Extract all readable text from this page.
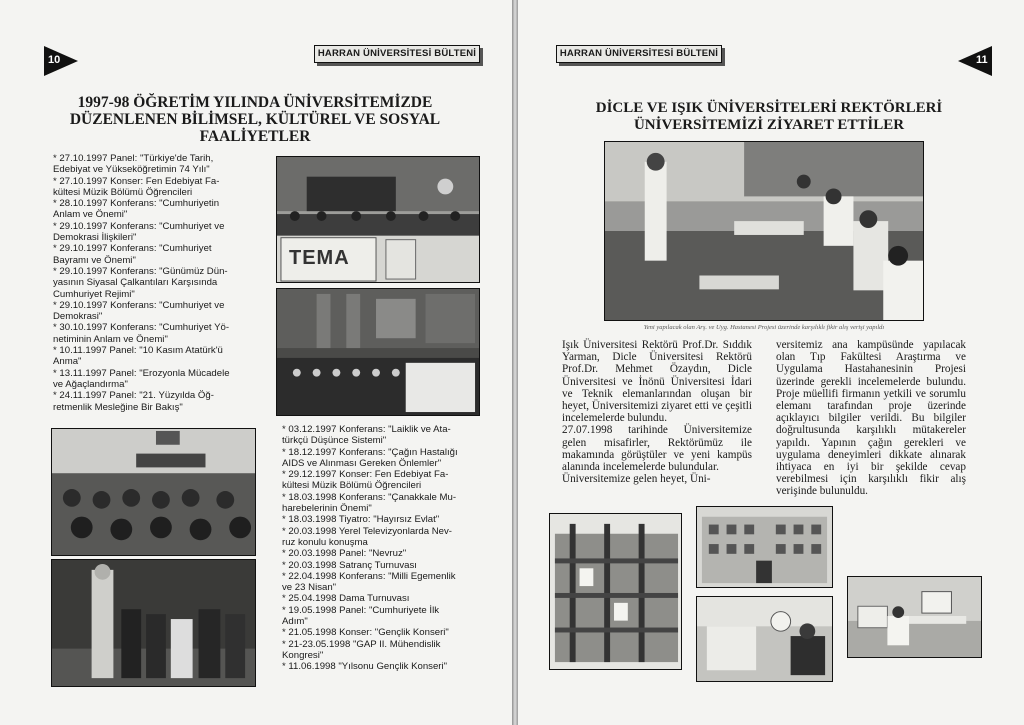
10
HARRAN ÜNİVERSİTESİ BÜLTENİ
1997-98 ÖĞRETİM YILINDA ÜNİVERSİTEMİZDE
DÜZENLENEN BİLİMSEL, KÜLTÜREL VE SOSYAL
FAALİYETLER
* 27.10.1997 Panel: "Türkiye'de Tarih,
Edebiyat ve Yükseköğretimin 74 Yılı"
* 27.10.1997 Konser: Fen Edebiyat Fa-
kültesi Müzik Bölümü Öğrencileri
* 28.10.1997 Konferans: "Cumhuriyetin
Anlam ve Önemi"
* 29.10.1997 Konferans: "Cumhuriyet ve
Demokrasi İlişkileri"
* 29.10.1997 Konferans: "Cumhuriyet
Bayramı ve Önemi"
* 29.10.1997 Konferans: "Günümüz Dün-
yasının Siyasal Çalkantıları Karşısında
Cumhuriyet Rejimi"
* 29.10.1997 Konferans: "Cumhuriyet ve
Demokrasi"
* 30.10.1997 Konferans: "Cumhuriyet Yö-
netiminin Anlam ve Önemi"
* 10.11.1997 Panel: "10 Kasım Atatürk'ü
Anma"
* 13.11.1997 Panel: "Erozyonla Mücadele
ve Ağaçlandırma"
* 24.11.1997 Panel: "21. Yüzyılda Öğ-
retmenlik Mesleğine Bir Bakış"
TEMA
* 03.12.1997 Konferans: "Laiklik ve Ata-
türkçü Düşünce Sistemi"
* 18.12.1997 Konferans: "Çağın Hastalığı
AIDS ve Alınması Gereken Önlemler"
* 29.12.1997 Konser: Fen Edebiyat Fa-
kültesi Müzik Bölümü Öğrencileri
* 18.03.1998 Konferans: "Çanakkale Mu-
harebelerinin Önemi"
* 18.03.1998 Tiyatro: "Hayırsız Evlat"
* 20.03.1998 Yerel Televizyonlarda Nev-
ruz konulu konuşma
* 20.03.1998 Panel: "Nevruz"
* 20.03.1998 Satranç Turnuvası
* 22.04.1998 Konferans: "Milli Egemenlik
ve 23 Nisan"
* 25.04.1998 Dama Turnuvası
* 19.05.1998 Panel: "Cumhuriyete İlk
Adım"
* 21.05.1998 Konser: "Gençlik Konseri"
* 21-23.05.1998 "GAP II. Mühendislik
Kongresi"
* 11.06.1998 "Yılsonu Gençlik Konseri"
HARRAN ÜNİVERSİTESİ BÜLTENİ
11
DİCLE VE IŞIK ÜNİVERSİTELERİ REKTÖRLERİ
ÜNİVERSİTEMİZİ ZİYARET ETTİLER
Yeni yapılacak olan Arş. ve Uyg. Hastanesi Projesi üzerinde karşılıklı fikir alış verişi yapıldı
Işık Üniversitesi Rektörü Prof.Dr. Sıddık Yarman, Dicle Üniversitesi Rektörü Prof.Dr. Mehmet Özaydın, Dicle Üniversitesi ve İnönü Üniversitesi İdari ve Teknik elemanlarından oluşan bir heyet, Üniversitemizi ziyaret etti ve çeşitli incelemelerde bulundu.
27.07.1998 tarihinde Üniversitemize gelen misafirler, Rektörümüz ile makamında görüştüler ve yeni kampüs alanında incelemelerde bulundular.
Üniversitemize gelen heyet, Üni-
versitemiz ana kampüsünde yapılacak olan Tıp Fakültesi Araştırma ve Uygulama Hastahanesinin Projesi üzerinde gerekli incelemelerde bulundu. Proje müellifi firmanın yetkili ve sorumlu elemanı tarafından proje üzerinde açıklayıcı bilgiler verildi. Bu bilgiler doğrultusunda karşılıklı mütakereler yapıldı. Yapının çağın gerekleri ve uygulama deneyimleri dikkate alınarak ihtiyaca en iyi bir şekilde cevap verebilmesi için karşılıklı fikir alış verişinde bulunuldu.
